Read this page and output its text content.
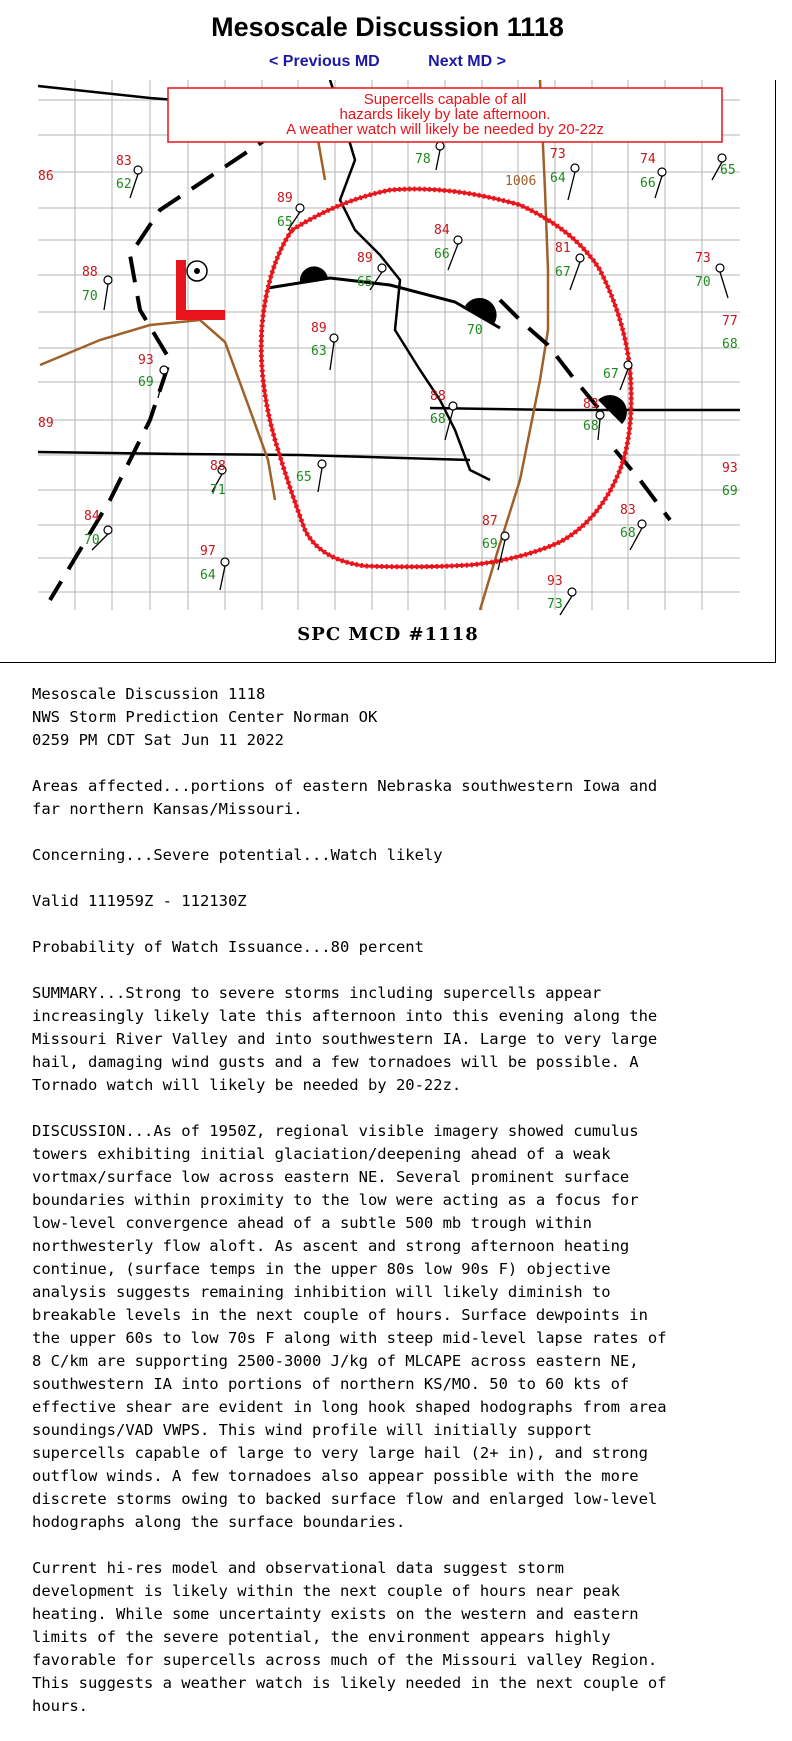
Mesoscale Discussion 1118
< Previous MD	Next MD >
83
62
89
65
78	73
64
74
66
65
88
70
84
66
89
65
81
67
73
70
70
77
68
89
63
93
69
67
88
68
83
68
89
65
88
71
93
69
83
68
87
69
84
70
97
64	93
73
86	1006
Supercells capable of all
hazards likely by late afternoon.
A weather watch will likely be needed by 20-22z
SPC MCD #1118
Mesoscale Discussion 1118
NWS Storm Prediction Center Norman OK
0259 PM CDT Sat Jun 11 2022

Areas affected...portions of eastern Nebraska southwestern Iowa and
far northern Kansas/Missouri.

Concerning...Severe potential...Watch likely

Valid 111959Z - 112130Z

Probability of Watch Issuance...80 percent

SUMMARY...Strong to severe storms including supercells appear
increasingly likely late this afternoon into this evening along the
Missouri River Valley and into southwestern IA. Large to very large
hail, damaging wind gusts and a few tornadoes will be possible. A
Tornado watch will likely be needed by 20-22z.

DISCUSSION...As of 1950Z, regional visible imagery showed cumulus
towers exhibiting initial glaciation/deepening ahead of a weak
vortmax/surface low across eastern NE. Several prominent surface
boundaries within proximity to the low were acting as a focus for
low-level convergence ahead of a subtle 500 mb trough within
northwesterly flow aloft. As ascent and strong afternoon heating
continue, (surface temps in the upper 80s low 90s F) objective
analysis suggests remaining inhibition will likely diminish to
breakable levels in the next couple of hours. Surface dewpoints in
the upper 60s to low 70s F along with steep mid-level lapse rates of
8 C/km are supporting 2500-3000 J/kg of MLCAPE across eastern NE,
southwestern IA into portions of northern KS/MO. 50 to 60 kts of
effective shear are evident in long hook shaped hodographs from area
soundings/VAD VWPS. This wind profile will initially support
supercells capable of large to very large hail (2+ in), and strong
outflow winds. A few tornadoes also appear possible with the more
discrete storms owing to backed surface flow and enlarged low-level
hodographs along the surface boundaries.

Current hi-res model and observational data suggest storm
development is likely within the next couple of hours near peak
heating. While some uncertainty exists on the western and eastern
limits of the severe potential, the environment appears highly
favorable for supercells across much of the Missouri valley Region.
This suggests a weather watch is likely needed in the next couple of
hours.
